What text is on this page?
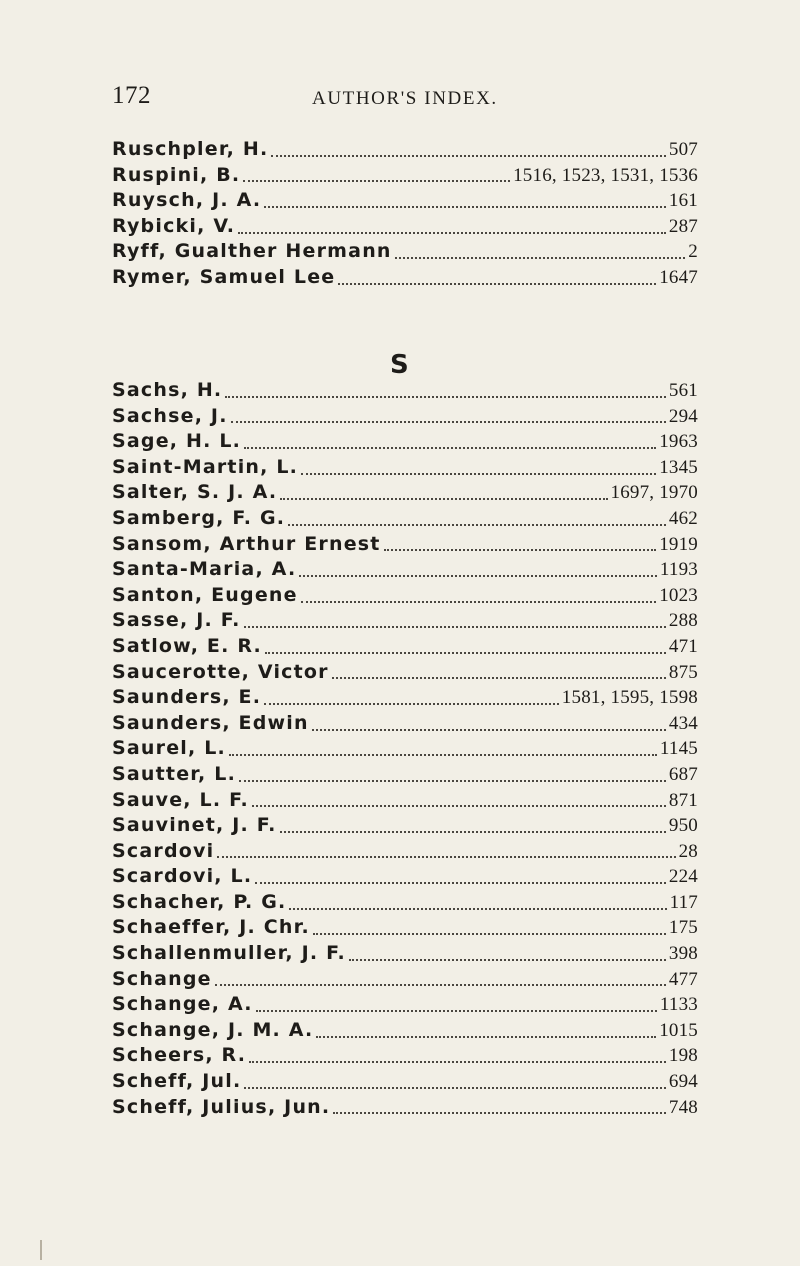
172	AUTHOR'S INDEX.
Ruschpler, H.	507
Ruspini, B.	1516, 1523, 1531, 1536
Ruysch, J. A.	161
Rybicki, V.	287
Ryff, Gualther Hermann	2
Rymer, Samuel Lee	1647
S
Sachs, H.	561
Sachse, J.	294
Sage, H. L.	1963
Saint-Martin, L.	1345
Salter, S. J. A.	1697, 1970
Samberg, F. G.	462
Sansom, Arthur Ernest	1919
Santa-Maria, A.	1193
Santon, Eugene	1023
Sasse, J. F.	288
Satlow, E. R.	471
Saucerotte, Victor	875
Saunders, E.	1581, 1595, 1598
Saunders, Edwin	434
Saurel, L.	1145
Sautter, L.	687
Sauve, L. F.	871
Sauvinet, J. F.	950
Scardovi	28
Scardovi, L.	224
Schacher, P. G.	117
Schaeffer, J. Chr.	175
Schallenmuller, J. F.	398
Schange	477
Schange, A.	1133
Schange, J. M. A.	1015
Scheers, R.	198
Scheff, Jul.	694
Scheff, Julius, Jun.	748
